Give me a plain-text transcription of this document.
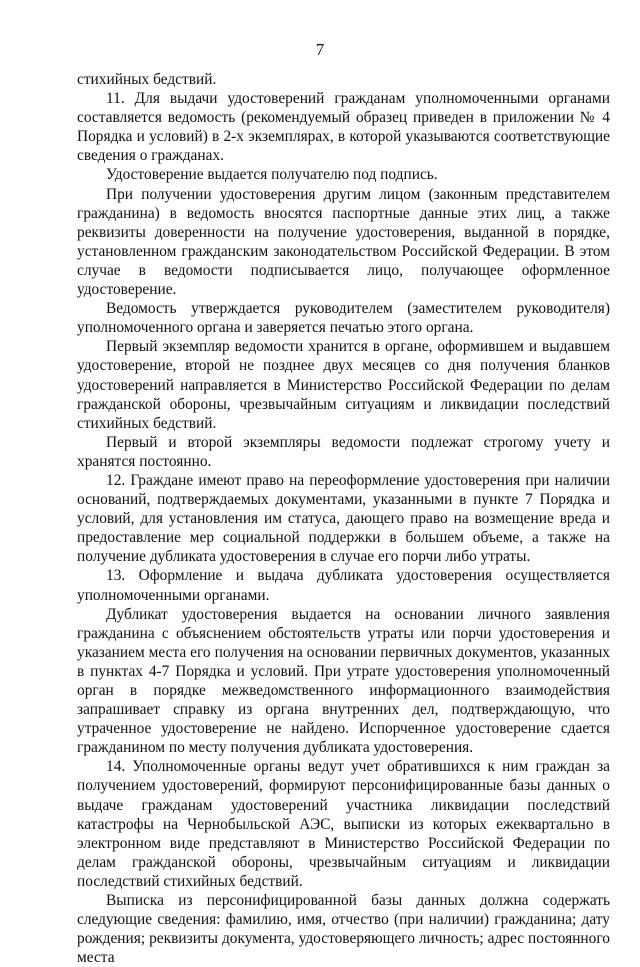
7

стихийных бедствий.

11. Для выдачи удостоверений гражданам уполномоченными органами составляется ведомость (рекомендуемый образец приведен в приложении № 4 Порядка и условий) в 2-х экземплярах, в которой указываются соответствующие сведения о гражданах.

Удостоверение выдается получателю под подпись.

При получении удостоверения другим лицом (законным представителем гражданина) в ведомость вносятся паспортные данные этих лиц, а также реквизиты доверенности на получение удостоверения, выданной в порядке, установленном гражданским законодательством Российской Федерации. В этом случае в ведомости подписывается лицо, получающее оформленное удостоверение.

Ведомость утверждается руководителем (заместителем руководителя) уполномоченного органа и заверяется печатью этого органа.

Первый экземпляр ведомости хранится в органе, оформившем и выдавшем удостоверение, второй не позднее двух месяцев со дня получения бланков удостоверений направляется в Министерство Российской Федерации по делам гражданской обороны, чрезвычайным ситуациям и ликвидации последствий стихийных бедствий.

Первый и второй экземпляры ведомости подлежат строгому учету и хранятся постоянно.

12. Граждане имеют право на переоформление удостоверения при наличии оснований, подтверждаемых документами, указанными в пункте 7 Порядка и условий, для установления им статуса, дающего право на возмещение вреда и предоставление мер социальной поддержки в большем объеме, а также на получение дубликата удостоверения в случае его порчи либо утраты.

13. Оформление и выдача дубликата удостоверения осуществляется уполномоченными органами.

Дубликат удостоверения выдается на основании личного заявления гражданина с объяснением обстоятельств утраты или порчи удостоверения и указанием места его получения на основании первичных документов, указанных в пунктах 4-7 Порядка и условий. При утрате удостоверения уполномоченный орган в порядке межведомственного информационного взаимодействия запрашивает справку из органа внутренних дел, подтверждающую, что утраченное удостоверение не найдено. Испорченное удостоверение сдается гражданином по месту получения дубликата удостоверения.

14. Уполномоченные органы ведут учет обратившихся к ним граждан за получением удостоверений, формируют персонифицированные базы данных о выдаче гражданам удостоверений участника ликвидации последствий катастрофы на Чернобыльской АЭС, выписки из которых ежеквартально в электронном виде представляют в Министерство Российской Федерации по делам гражданской обороны, чрезвычайным ситуациям и ликвидации последствий стихийных бедствий.

Выписка из персонифицированной базы данных должна содержать следующие сведения: фамилию, имя, отчество (при наличии) гражданина; дату рождения; реквизиты документа, удостоверяющего личность; адрес постоянного места
